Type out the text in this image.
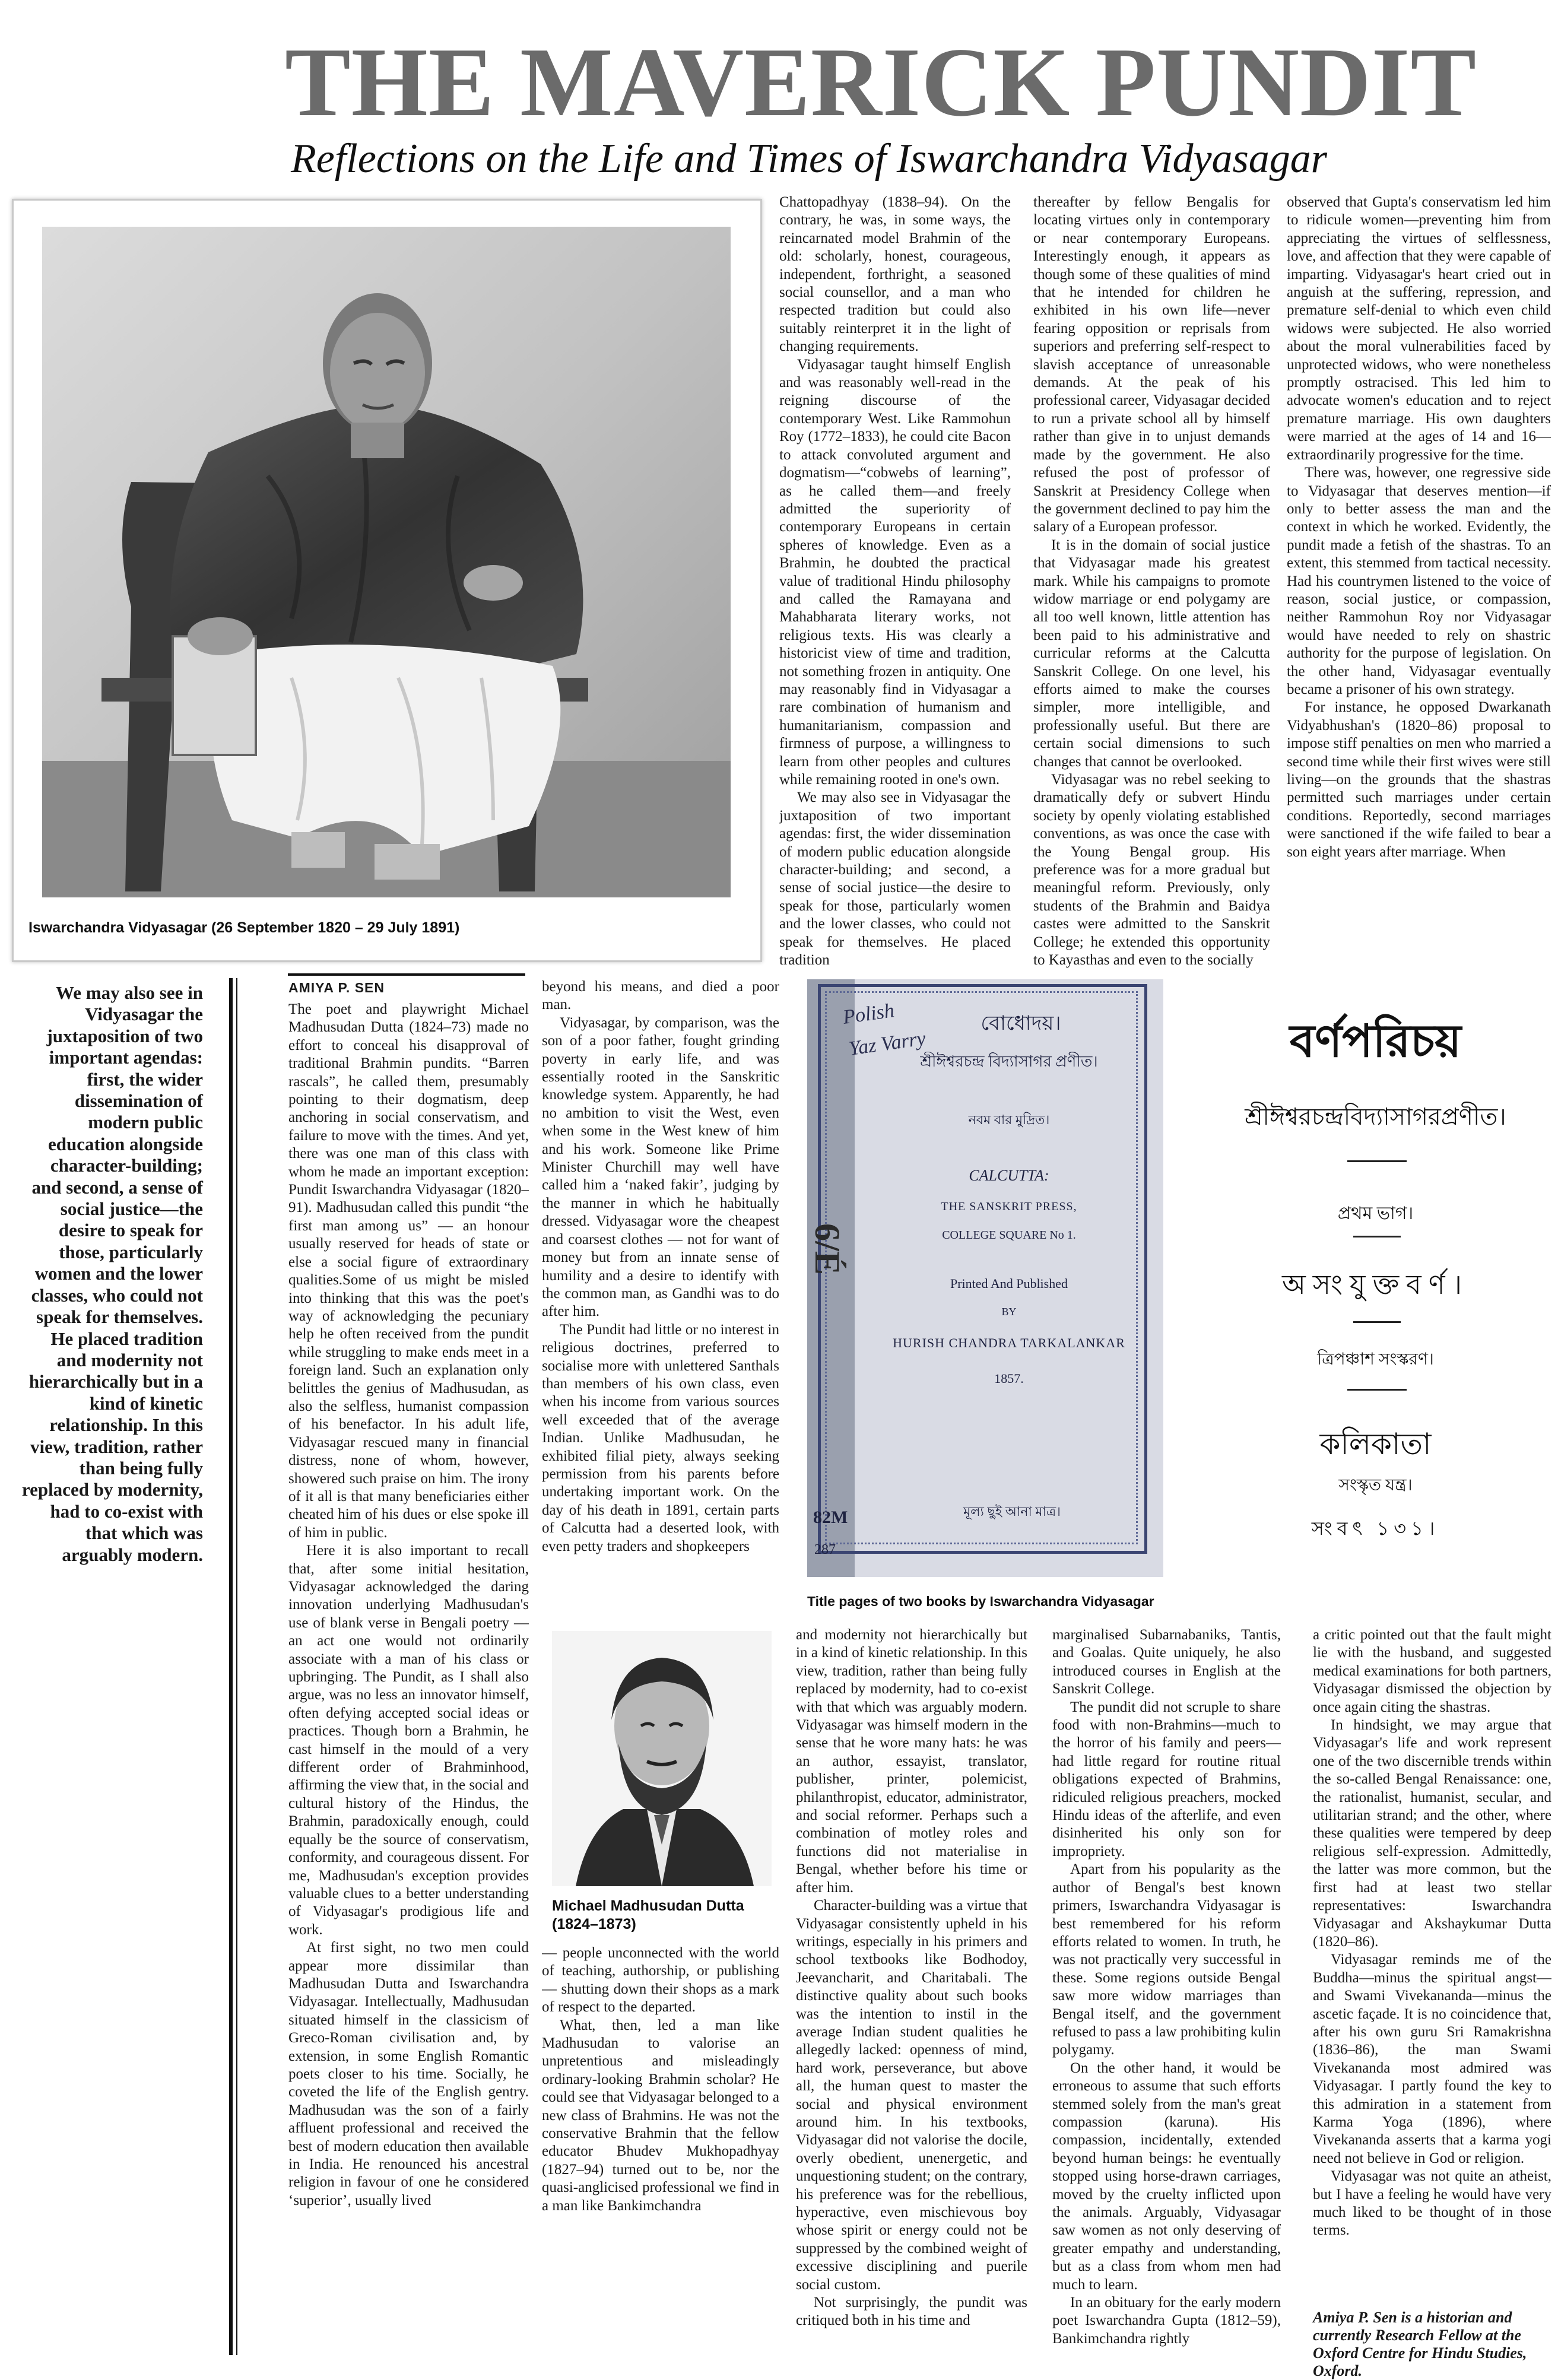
THE MAVERICK PUNDIT
Reflections on the Life and Times of Iswarchandra Vidyasagar
Iswarchandra Vidyasagar (26 September 1820 – 29 July 1891)

Chattopadhyay (1838–94). On the contrary, he was, in some ways, the reincarnated model Brahmin of the old: scholarly, honest, courageous, independent, forthright, a seasoned social counsellor, and a man who respected tradition but could also suitably reinterpret it in the light of changing requirements.

Vidyasagar taught himself English and was reasonably well-read in the reigning discourse of the contemporary West. Like Rammohun Roy (1772–1833), he could cite Bacon to attack convoluted argument and dogmatism—“cobwebs of learning”, as he called them—and freely admitted the superiority of contemporary Europeans in certain spheres of knowledge. Even as a Brahmin, he doubted the practical value of traditional Hindu philosophy and called the Ramayana and Mahabharata literary works, not religious texts. His was clearly a historicist view of time and tradition, not something frozen in antiquity. One may reasonably find in Vidyasagar a rare combination of humanism and humanitarianism, compassion and firmness of purpose, a willingness to learn from other peoples and cultures while remaining rooted in one's own.

We may also see in Vidyasagar the juxtaposition of two important agendas: first, the wider dissemination of modern public education alongside character-building; and second, a sense of social justice—the desire to speak for those, particularly women and the lower classes, who could not speak for themselves. He placed tradition

thereafter by fellow Bengalis for locating virtues only in contemporary or near contemporary Europeans. Interestingly enough, it appears as though some of these qualities of mind that he intended for children he exhibited in his own life—never fearing opposition or reprisals from superiors and preferring self-respect to slavish acceptance of unreasonable demands. At the peak of his professional career, Vidyasagar decided to run a private school all by himself rather than give in to unjust demands made by the government. He also refused the post of professor of Sanskrit at Presidency College when the government declined to pay him the salary of a European professor.

It is in the domain of social justice that Vidyasagar made his greatest mark. While his campaigns to promote widow marriage or end polygamy are all too well known, little attention has been paid to his administrative and curricular reforms at the Calcutta Sanskrit College. On one level, his efforts aimed to make the courses simpler, more intelligible, and professionally useful. But there are certain social dimensions to such changes that cannot be overlooked.

Vidyasagar was no rebel seeking to dramatically defy or subvert Hindu society by openly violating established conventions, as was once the case with the Young Bengal group. His preference was for a more gradual but meaningful reform. Previously, only students of the Brahmin and Baidya castes were admitted to the Sanskrit College; he extended this opportunity to Kayasthas and even to the socially

observed that Gupta's conservatism led him to ridicule women—preventing him from appreciating the virtues of selflessness, love, and affection that they were capable of imparting. Vidyasagar's heart cried out in anguish at the suffering, repression, and premature self-denial to which even child widows were subjected. He also worried about the moral vulnerabilities faced by unprotected widows, who were nonetheless promptly ostracised. This led him to advocate women's education and to reject premature marriage. His own daughters were married at the ages of 14 and 16—extraordinarily progressive for the time.

There was, however, one regressive side to Vidyasagar that deserves mention—if only to better assess the man and the context in which he worked. Evidently, the pundit made a fetish of the shastras. To an extent, this stemmed from tactical necessity. Had his countrymen listened to the voice of reason, social justice, or compassion, neither Rammohun Roy nor Vidyasagar would have needed to rely on shastric authority for the purpose of legislation. On the other hand, Vidyasagar eventually became a prisoner of his own strategy.

For instance, he opposed Dwarkanath Vidyabhushan's (1820–86) proposal to impose stiff penalties on men who married a second time while their first wives were still living—on the grounds that the shastras permitted such marriages under certain conditions. Reportedly, second marriages were sanctioned if the wife failed to bear a son eight years after marriage. When

We may also see in Vidyasagar the juxtaposition of two important agendas: first, the wider dissemination of modern public education alongside character-building; and second, a sense of social justice—the desire to speak for those, particularly women and the lower classes, who could not speak for themselves. He placed tradition and modernity not hierarchically but in a kind of kinetic relationship. In this view, tradition, rather than being fully replaced by modernity, had to co-exist with that which was arguably modern.
AMIYA P. SEN

The poet and playwright Michael Madhusudan Dutta (1824–73) made no effort to conceal his disapproval of traditional Brahmin pundits. “Barren rascals”, he called them, presumably pointing to their dogmatism, deep anchoring in social conservatism, and failure to move with the times. And yet, there was one man of this class with whom he made an important exception: Pundit Iswarchandra Vidyasagar (1820–91). Madhusudan called this pundit “the first man among us” — an honour usually reserved for heads of state or else a social figure of extraordinary qualities.Some of us might be misled into thinking that this was the poet's way of acknowledging the pecuniary help he often received from the pundit while struggling to make ends meet in a foreign land. Such an explanation only belittles the genius of Madhusudan, as also the selfless, humanist compassion of his benefactor. In his adult life, Vidyasagar rescued many in financial distress, none of whom, however, showered such praise on him. The irony of it all is that many beneficiaries either cheated him of his dues or else spoke ill of him in public.

Here it is also important to recall that, after some initial hesitation, Vidyasagar acknowledged the daring innovation underlying Madhusudan's use of blank verse in Bengali poetry — an act one would not ordinarily associate with a man of his class or upbringing. The Pundit, as I shall also argue, was no less an innovator himself, often defying accepted social ideas or practices. Though born a Brahmin, he cast himself in the mould of a very different order of Brahminhood, affirming the view that, in the social and cultural history of the Hindus, the Brahmin, paradoxically enough, could equally be the source of conservatism, conformity, and courageous dissent. For me, Madhusudan's exception provides valuable clues to a better understanding of Vidyasagar's prodigious life and work.

At first sight, no two men could appear more dissimilar than Madhusudan Dutta and Iswarchandra Vidyasagar. Intellectually, Madhusudan situated himself in the classicism of Greco-Roman civilisation and, by extension, in some English Romantic poets closer to his time. Socially, he coveted the life of the English gentry. Madhusudan was the son of a fairly affluent professional and received the best of modern education then available in India. He renounced his ancestral religion in favour of one he considered ‘superior’, usually lived

beyond his means, and died a poor man.

Vidyasagar, by comparison, was the son of a poor father, fought grinding poverty in early life, and was essentially rooted in the Sanskritic knowledge system. Apparently, he had no ambition to visit the West, even when some in the West knew of him and his work. Someone like Prime Minister Churchill may well have called him a ‘naked fakir’, judging by the manner in which he habitually dressed. Vidyasagar wore the cheapest and coarsest clothes — not for want of money but from an innate sense of humility and a desire to identify with the common man, as Gandhi was to do after him.

The Pundit had little or no interest in religious doctrines, preferred to socialise more with unlettered Santhals than members of his own class, even when his income from various sources well exceeded that of the average Indian. Unlike Madhusudan, he exhibited filial piety, always seeking permission from his parents before undertaking important work. On the day of his death in 1891, certain parts of Calcutta had a deserted look, with even petty traders and shopkeepers

Michael Madhusudan Dutta
(1824–1873)

— people unconnected with the world of teaching, authorship, or publishing — shutting down their shops as a mark of respect to the departed.

What, then, led a man like Madhusudan to valorise an unpretentious and misleadingly ordinary-looking Brahmin scholar? He could see that Vidyasagar belonged to a new class of Brahmins. He was not the conservative Brahmin that the fellow educator Bhudev Mukhopadhyay (1827–94) turned out to be, nor the quasi-anglicised professional we find in a man like Bankimchandra

Polish
Yaz Varry
বোধোদয়।
শ্রীঈশ্বরচন্দ্র বিদ্যাসাগর প্রণীত।
নবম বার মুদ্রিত।
CALCUTTA:
THE SANSKRIT PRESS,
COLLEGE SQUARE No 1.
Printed And Published
BY
HURISH CHANDRA TARKALANKAR
1857.
মূল্য ছুই আনা মাত্র।
82M
287
6/É
Title pages of two books by Iswarchandra Vidyasagar
বর্ণপরিচয়
শ্রীঈশ্বরচন্দ্রবিদ্যাসাগরপ্রণীত।
প্রথম ভাগ।
অসংযুক্তবর্ণ।
ত্রিপঞ্চাশ সংস্করণ।
কলিকাতা
সংস্কৃত যন্ত্র।
সংবৎ ১৩১।

and modernity not hierarchically but in a kind of kinetic relationship. In this view, tradition, rather than being fully replaced by modernity, had to co-exist with that which was arguably modern. Vidyasagar was himself modern in the sense that he wore many hats: he was an author, essayist, translator, publisher, printer, polemicist, philanthropist, educator, administrator, and social reformer. Perhaps such a combination of motley roles and functions did not materialise in Bengal, whether before his time or after him.

Character-building was a virtue that Vidyasagar consistently upheld in his writings, especially in his primers and school textbooks like Bodhodoy, Jeevancharit, and Charitabali. The distinctive quality about such books was the intention to instil in the average Indian student qualities he allegedly lacked: openness of mind, hard work, perseverance, but above all, the human quest to master the social and physical environment around him. In his textbooks, Vidyasagar did not valorise the docile, overly obedient, unenergetic, and unquestioning student; on the contrary, his preference was for the rebellious, hyperactive, even mischievous boy whose spirit or energy could not be suppressed by the combined weight of excessive disciplining and puerile social custom.

Not surprisingly, the pundit was critiqued both in his time and

marginalised Subarnabaniks, Tantis, and Goalas. Quite uniquely, he also introduced courses in English at the Sanskrit College.

The pundit did not scruple to share food with non-Brahmins—much to the horror of his family and peers—had little regard for routine ritual obligations expected of Brahmins, ridiculed religious preachers, mocked Hindu ideas of the afterlife, and even disinherited his only son for impropriety.

Apart from his popularity as the author of Bengal's best known primers, Iswarchandra Vidyasagar is best remembered for his reform efforts related to women. In truth, he was not practically very successful in these. Some regions outside Bengal saw more widow marriages than Bengal itself, and the government refused to pass a law prohibiting kulin polygamy.

On the other hand, it would be erroneous to assume that such efforts stemmed solely from the man's great compassion (karuna). His compassion, incidentally, extended beyond human beings: he eventually stopped using horse-drawn carriages, moved by the cruelty inflicted upon the animals. Arguably, Vidyasagar saw women as not only deserving of greater empathy and understanding, but as a class from whom men had much to learn.

In an obituary for the early modern poet Iswarchandra Gupta (1812–59), Bankimchandra rightly

a critic pointed out that the fault might lie with the husband, and suggested medical examinations for both partners, Vidyasagar dismissed the objection by once again citing the shastras.

In hindsight, we may argue that Vidyasagar's life and work represent one of the two discernible trends within the so-called Bengal Renaissance: one, the rationalist, humanist, secular, and utilitarian strand; and the other, where these qualities were tempered by deep religious self-expression. Admittedly, the latter was more common, but the first had at least two stellar representatives: Iswarchandra Vidyasagar and Akshaykumar Dutta (1820–86).

Vidyasagar reminds me of the Buddha—minus the spiritual angst—and Swami Vivekananda—minus the ascetic façade. It is no coincidence that, after his own guru Sri Ramakrishna (1836–86), the man Swami Vivekananda most admired was Vidyasagar. I partly found the key to this admiration in a statement from Karma Yoga (1896), where Vivekananda asserts that a karma yogi need not believe in God or religion.

Vidyasagar was not quite an atheist, but I have a feeling he would have very much liked to be thought of in those terms.

Amiya P. Sen is a historian and currently Research Fellow at the Oxford Centre for Hindu Studies, Oxford.
